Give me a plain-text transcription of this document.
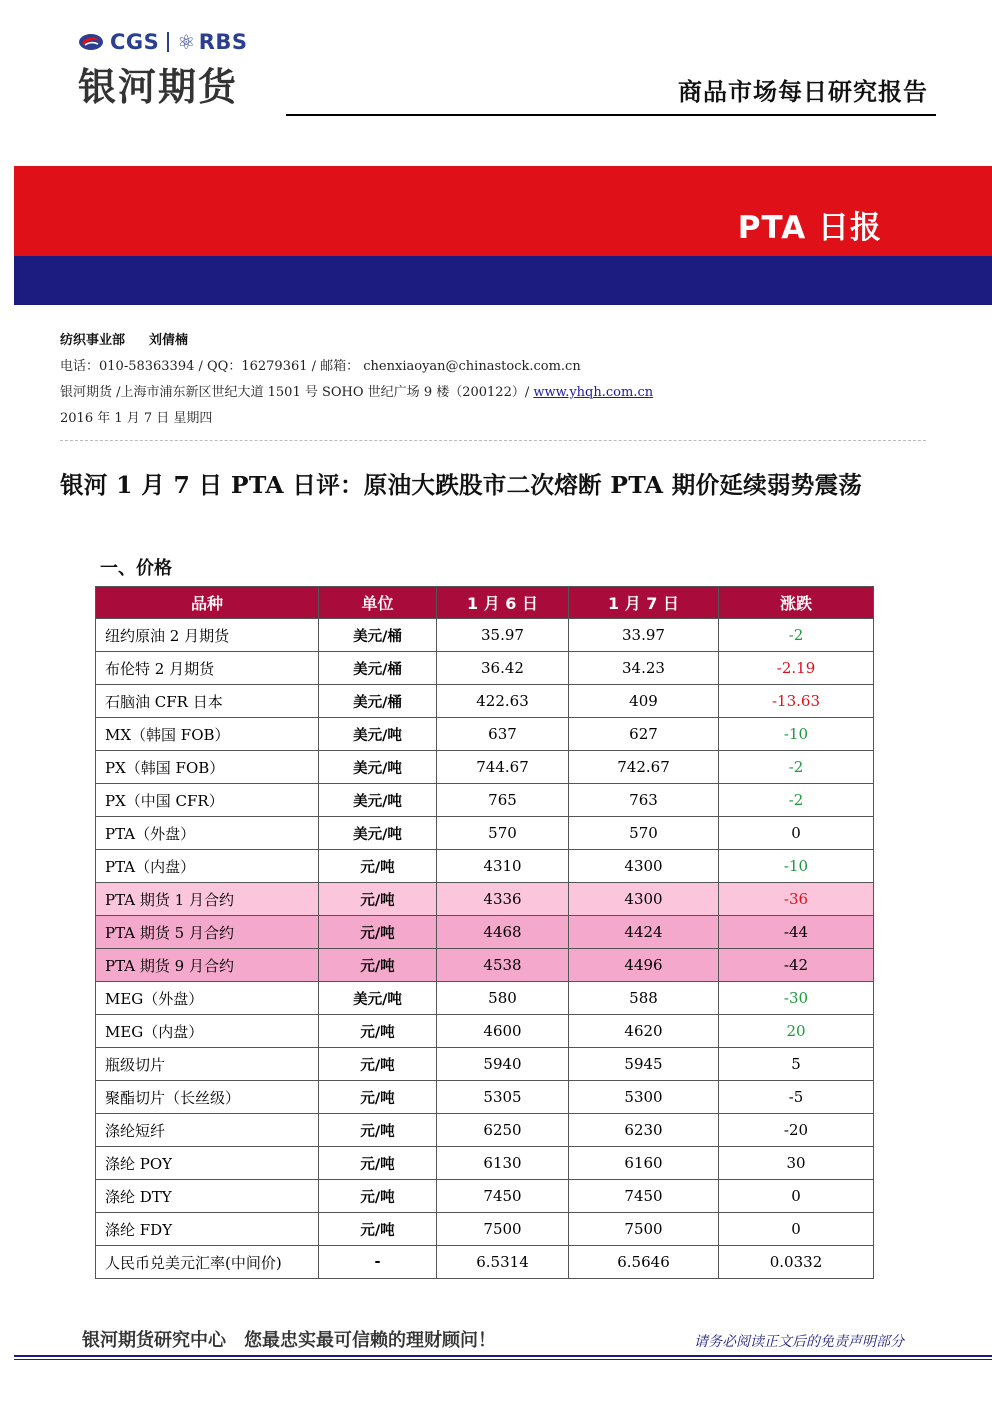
CGS ⚛ RBS
银河期货	商品市场每日研究报告
PTA 日报
纺织事业部 刘倩楠
电话：010-58363394 / QQ：16279361 / 邮箱： chenxiaoyan@chinastock.com.cn
银河期货 /上海市浦东新区世纪大道 1501 号 SOHO 世纪广场 9 楼（200122）/ www.yhqh.com.cn
2016 年 1 月 7 日 星期四
银河 1 月 7 日 PTA 日评：原油大跌股市二次熔断 PTA 期价延续弱势震荡
一、价格
品种	单位	1 月 6 日	1 月 7 日	涨跌
纽约原油 2 月期货	美元/桶	35.97	33.97	-2
布伦特 2 月期货	美元/桶	36.42	34.23	-2.19
石脑油 CFR 日本	美元/桶	422.63	409	-13.63
MX（韩国 FOB）	美元/吨	637	627	-10
PX（韩国 FOB）	美元/吨	744.67	742.67	-2
PX（中国 CFR）	美元/吨	765	763	-2
PTA（外盘）	美元/吨	570	570	0
PTA（内盘）	元/吨	4310	4300	-10
PTA 期货 1 月合约	元/吨	4336	4300	-36
PTA 期货 5 月合约	元/吨	4468	4424	-44
PTA 期货 9 月合约	元/吨	4538	4496	-42
MEG（外盘）	美元/吨	580	588	-30
MEG（内盘）	元/吨	4600	4620	20
瓶级切片	元/吨	5940	5945	5
聚酯切片（长丝级）	元/吨	5305	5300	-5
涤纶短纤	元/吨	6250	6230	-20
涤纶 POY	元/吨	6130	6160	30
涤纶 DTY	元/吨	7450	7450	0
涤纶 FDY	元/吨	7500	7500	0
人民币兑美元汇率(中间价)	-	6.5314	6.5646	0.0332
银河期货研究中心 您最忠实最可信赖的理财顾问！	请务必阅读正文后的免责声明部分
